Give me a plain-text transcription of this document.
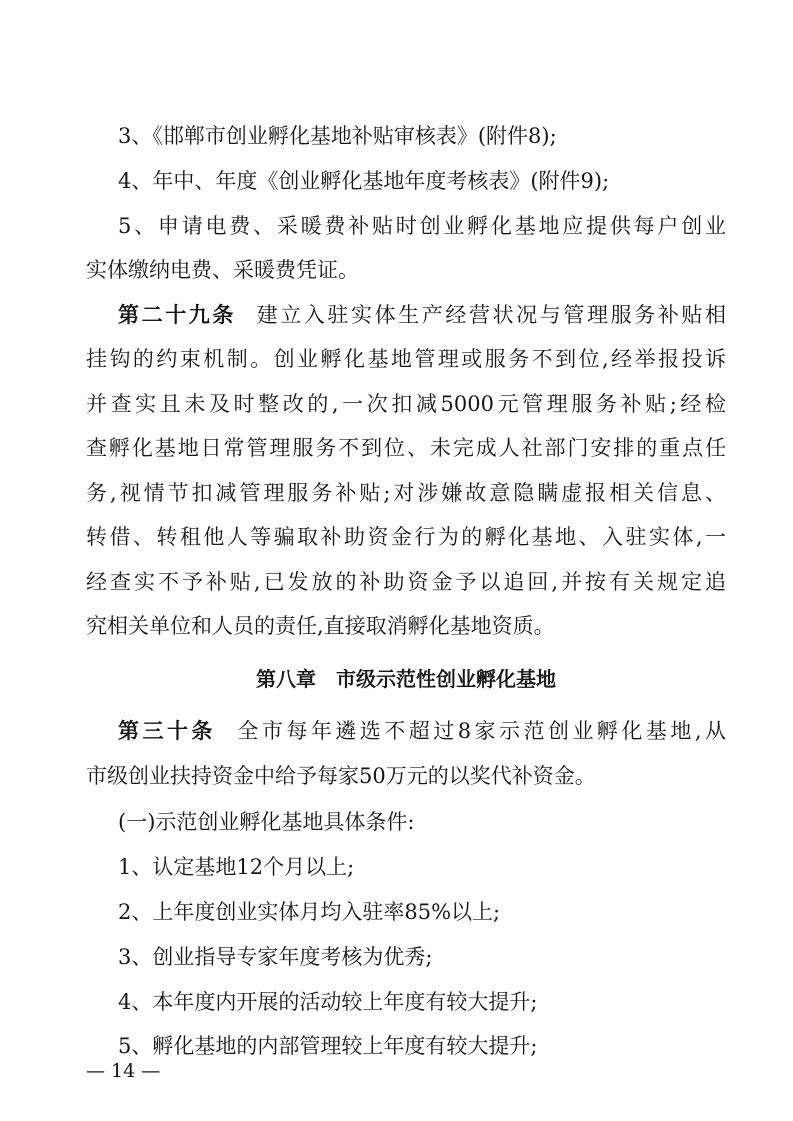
3、《邯郸市创业孵化基地补贴审核表》(附件8);
4、年中、年度《创业孵化基地年度考核表》(附件9);
5、申请电费、采暖费补贴时创业孵化基地应提供每户创业
实体缴纳电费、采暖费凭证。
第二十九条 建立入驻实体生产经营状况与管理服务补贴相
挂钩的约束机制。创业孵化基地管理或服务不到位,经举报投诉
并查实且未及时整改的,一次扣减5000元管理服务补贴;经检
查孵化基地日常管理服务不到位、未完成人社部门安排的重点任
务,视情节扣减管理服务补贴;对涉嫌故意隐瞒虚报相关信息、
转借、转租他人等骗取补助资金行为的孵化基地、入驻实体,一
经查实不予补贴,已发放的补助资金予以追回,并按有关规定追
究相关单位和人员的责任,直接取消孵化基地资质。
第八章　市级示范性创业孵化基地
第三十条 全市每年遴选不超过8家示范创业孵化基地,从
市级创业扶持资金中给予每家50万元的以奖代补资金。
(一)示范创业孵化基地具体条件:
1、认定基地12个月以上;
2、上年度创业实体月均入驻率85%以上;
3、创业指导专家年度考核为优秀;
4、本年度内开展的活动较上年度有较大提升;
5、孵化基地的内部管理较上年度有较大提升;
— 14 —
